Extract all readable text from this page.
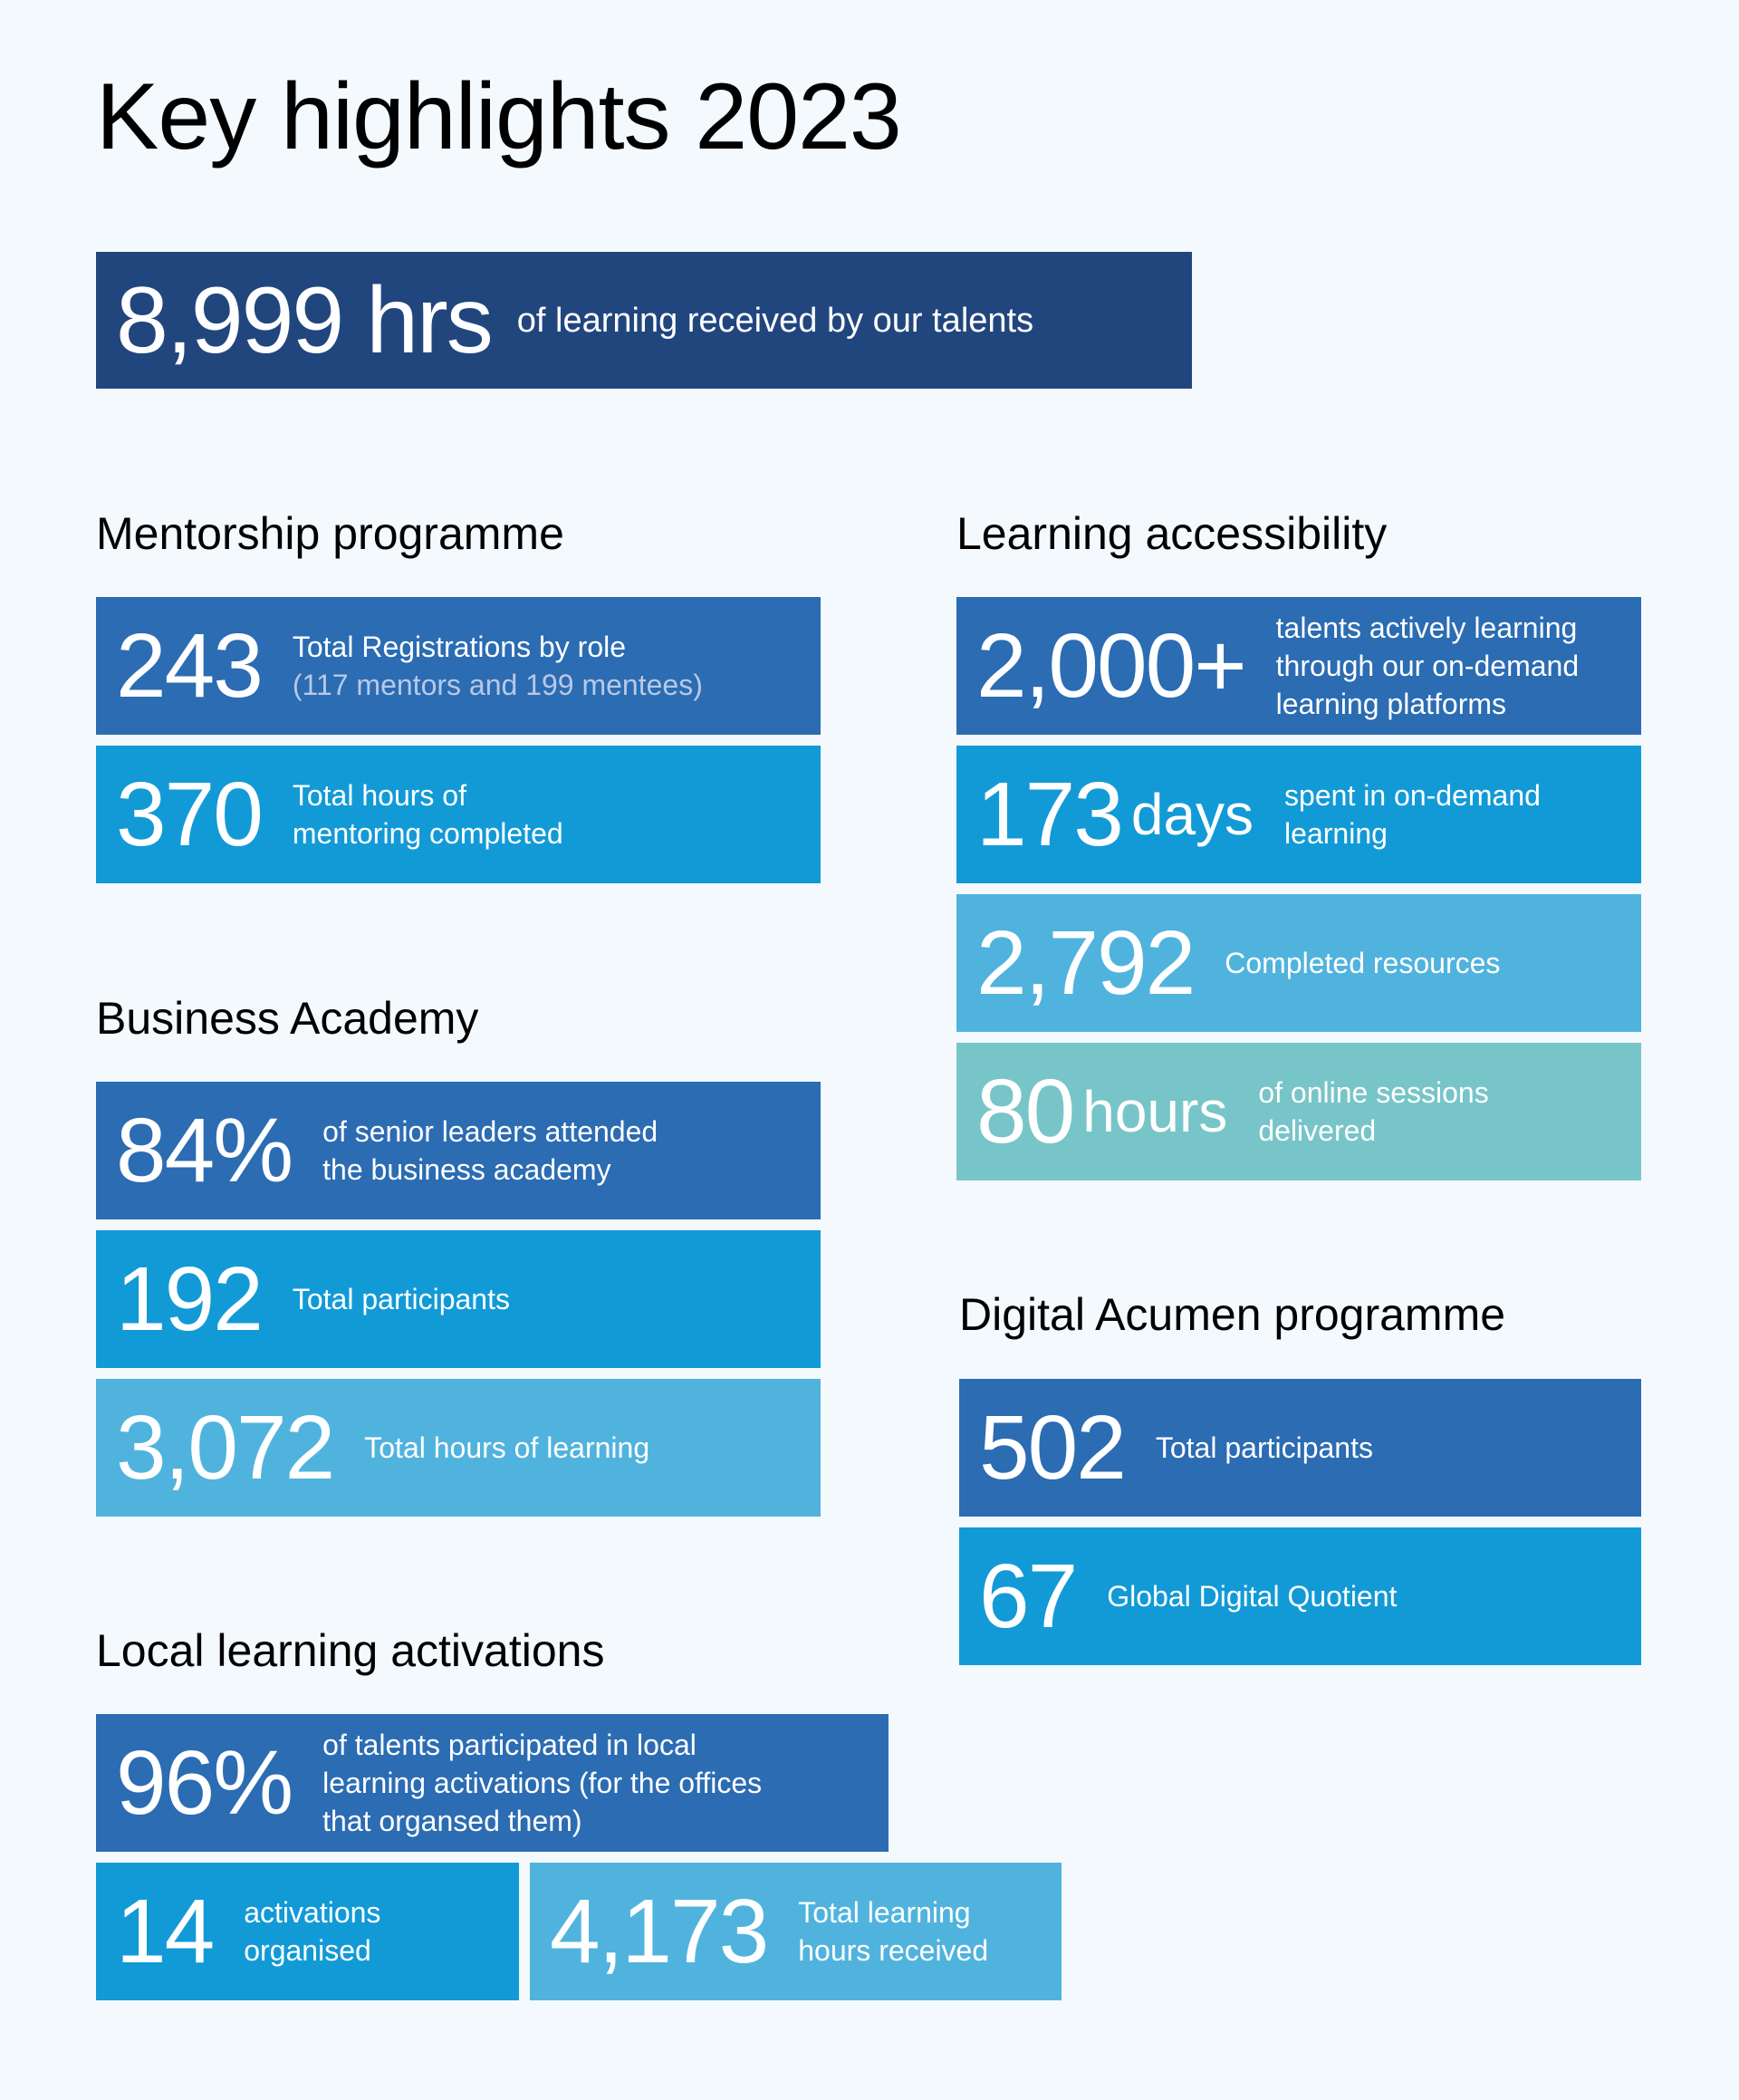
Key highlights 2023
8,999 hrs of learning received by our talents
Mentorship programme
Business Academy
Local learning activations
Learning accessibility
Digital Acumen programme
243 Total Registrations by role
(117 mentors and 199 mentees)
370 Total hours of
mentoring completed
84% of senior leaders attended
the business academy
192 Total participants
3,072 Total hours of learning
96% of talents participated in local
learning activations (for the offices
that organsed them)
14 activations
organised 4,173 Total learning
hours received
2,000+ talents actively learning
through our on-demand
learning platforms
173 days spent in on-demand
learning
2,792 Completed resources
80 hours of online sessions
delivered
502 Total participants
67 Global Digital Quotient
